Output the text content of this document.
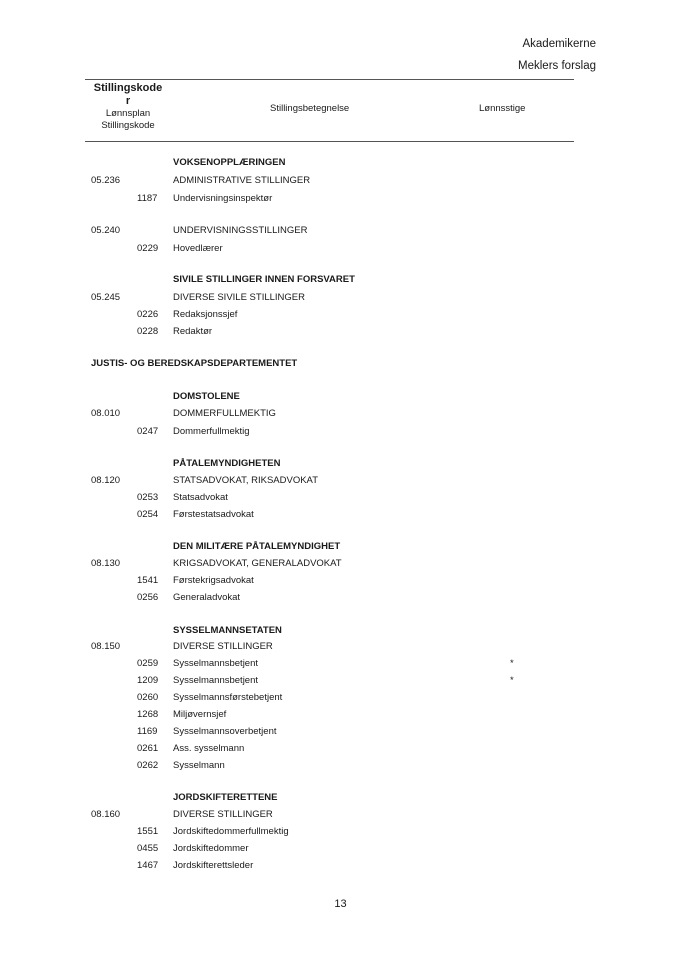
Akademikerne
Meklers forslag
Stillingskode
r
Lønnsplan
Stillingskode
Stillingsbetegnelse	Lønnsstige
VOKSENOPPLÆRINGEN
05.236	ADMINISTRATIVE STILLINGER
1187 Undervisningsinspektør
05.240	UNDERVISNINGSSTILLINGER
0229 Hovedlærer
SIVILE STILLINGER INNEN FORSVARET
05.245	DIVERSE SIVILE STILLINGER
0226 Redaksjonssjef
0228 Redaktør
JUSTIS- OG BEREDSKAPSDEPARTEMENTET
DOMSTOLENE
08.010	DOMMERFULLMEKTIG
0247 Dommerfullmektig
PÅTALEMYNDIGHETEN
08.120	STATSADVOKAT, RIKSADVOKAT
0253 Statsadvokat
0254 Førstestatsadvokat
DEN MILITÆRE PÅTALEMYNDIGHET
08.130	KRIGSADVOKAT, GENERALADVOKAT
1541 Førstekrigsadvokat
0256 Generaladvokat
SYSSELMANNSETATEN
08.150	DIVERSE STILLINGER
0259 Sysselmannsbetjent	*
1209 Sysselmannsbetjent	*
0260 Sysselmannsførstebetjent
1268 Miljøvernsjef
1169 Sysselmannsoverbetjent
0261 Ass. sysselmann
0262 Sysselmann
JORDSKIFTERETTENE
08.160	DIVERSE STILLINGER
1551 Jordskiftedommerfullmektig
0455 Jordskiftedommer
1467 Jordskifterettsleder
13
